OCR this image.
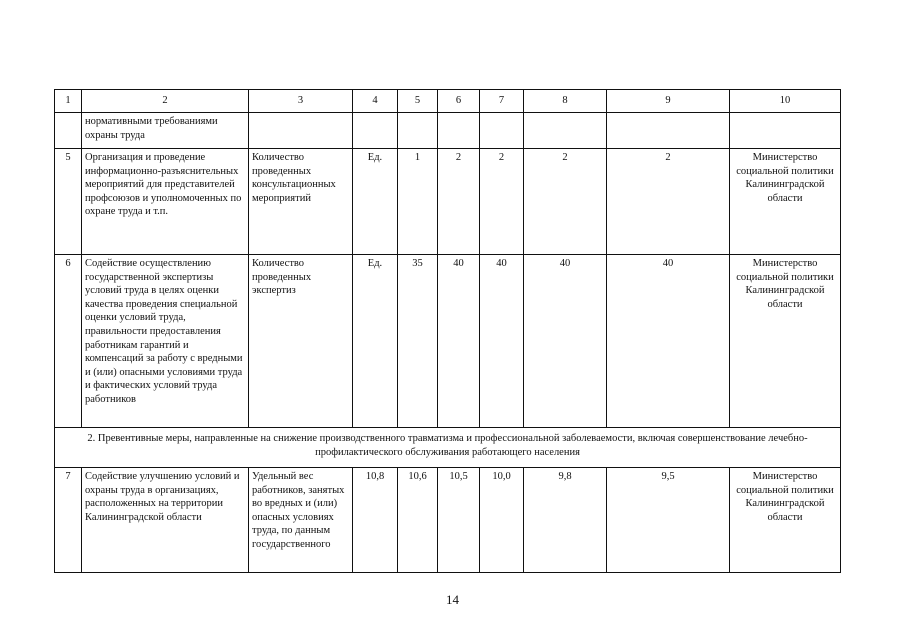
1	2	3	4	5	6	7	8	9	10
	нормативными требованиями охраны труда								
5	Организация и проведение информационно-разъяснительных мероприятий для представителей профсоюзов и уполномоченных по охране труда и т.п.	Количество проведенных консультационных мероприятий	Ед.	1	2	2	2	2	Министерство социальной политики Калининградской области
6	Содействие осуществлению государственной экспертизы условий труда в целях оценки качества проведения специальной оценки условий труда, правильности предоставления работникам гарантий и компенсаций за работу с вредными и (или) опасными условиями труда и фактических условий труда работников	Количество проведенных экспертиз	Ед.	35	40	40	40	40	Министерство социальной политики Калининградской области
2. Превентивные меры, направленные на снижение производственного травматизма и профессиональной заболеваемости, включая совершенствование лечебно-профилактического обслуживания работающего населения									
7	Содействие улучшению условий и охраны труда в организациях, расположенных на территории Калининградской области	Удельный вес работников, занятых во вредных и (или) опасных условиях труда, по данным государственного	10,8	10,6	10,5	10,0	9,8	9,5	Министерство социальной политики Калининградской области
14
